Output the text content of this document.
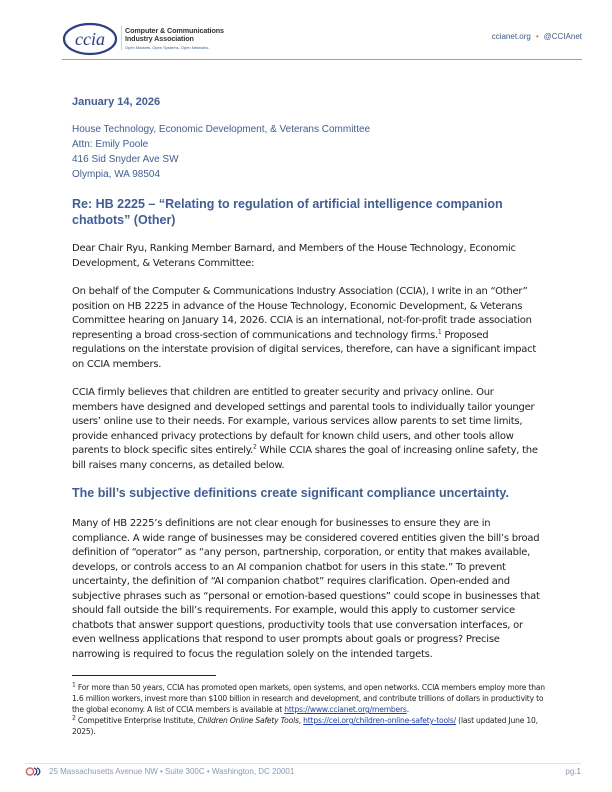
ccia	Computer & Communications
Industry Association
Open Markets. Open Systems. Open Networks.
ccianet.org • @CCIAnet
January 14, 2026
House Technology, Economic Development, & Veterans Committee
Attn: Emily Poole
416 Sid Snyder Ave SW
Olympia, WA 98504
Re: HB 2225 – “Relating to regulation of artificial intelligence companion chatbots” (Other)
Dear Chair Ryu, Ranking Member Barnard, and Members of the House Technology, Economic Development, & Veterans Committee:
On behalf of the Computer & Communications Industry Association (CCIA), I write in an “Other” position on HB 2225 in advance of the House Technology, Economic Development, & Veterans Committee hearing on January 14, 2026. CCIA is an international, not-for-profit trade association representing a broad cross-section of communications and technology firms.$^1$ Proposed regulations on the interstate provision of digital services, therefore, can have a significant impact on CCIA members.
CCIA firmly believes that children are entitled to greater security and privacy online. Our members have designed and developed settings and parental tools to individually tailor younger users’ online use to their needs. For example, various services allow parents to set time limits, provide enhanced privacy protections by default for known child users, and other tools allow parents to block specific sites entirely.$^2$ While CCIA shares the goal of increasing online safety, the bill raises many concerns, as detailed below.
The bill’s subjective definitions create significant compliance uncertainty.
Many of HB 2225’s definitions are not clear enough for businesses to ensure they are in compliance. A wide range of businesses may be considered covered entities given the bill’s broad definition of “operator” as “any person, partnership, corporation, or entity that makes available, develops, or controls access to an AI companion chatbot for users in this state.” To prevent uncertainty, the definition of “AI companion chatbot” requires clarification. Open-ended and subjective phrases such as “personal or emotion-based questions” could scope in businesses that should fall outside the bill’s requirements. For example, would this apply to customer service chatbots that answer support questions, productivity tools that use conversation interfaces, or even wellness applications that respond to user prompts about goals or progress? Precise narrowing is required to focus the regulation solely on the intended targets.
$^1$ For more than 50 years, CCIA has promoted open markets, open systems, and open networks. CCIA members employ more than 1.6 million workers, invest more than $100 billion in research and development, and contribute trillions of dollars in productivity to the global economy. A list of CCIA members is available at https://www.ccianet.org/members.
$^2$ Competitive Enterprise Institute, Children Online Safety Tools, https://cei.org/children-online-safety-tools/ (last updated June 10, 2025).
25 Massachusetts Avenue NW • Suite 300C • Washington, DC 20001	pg.1
